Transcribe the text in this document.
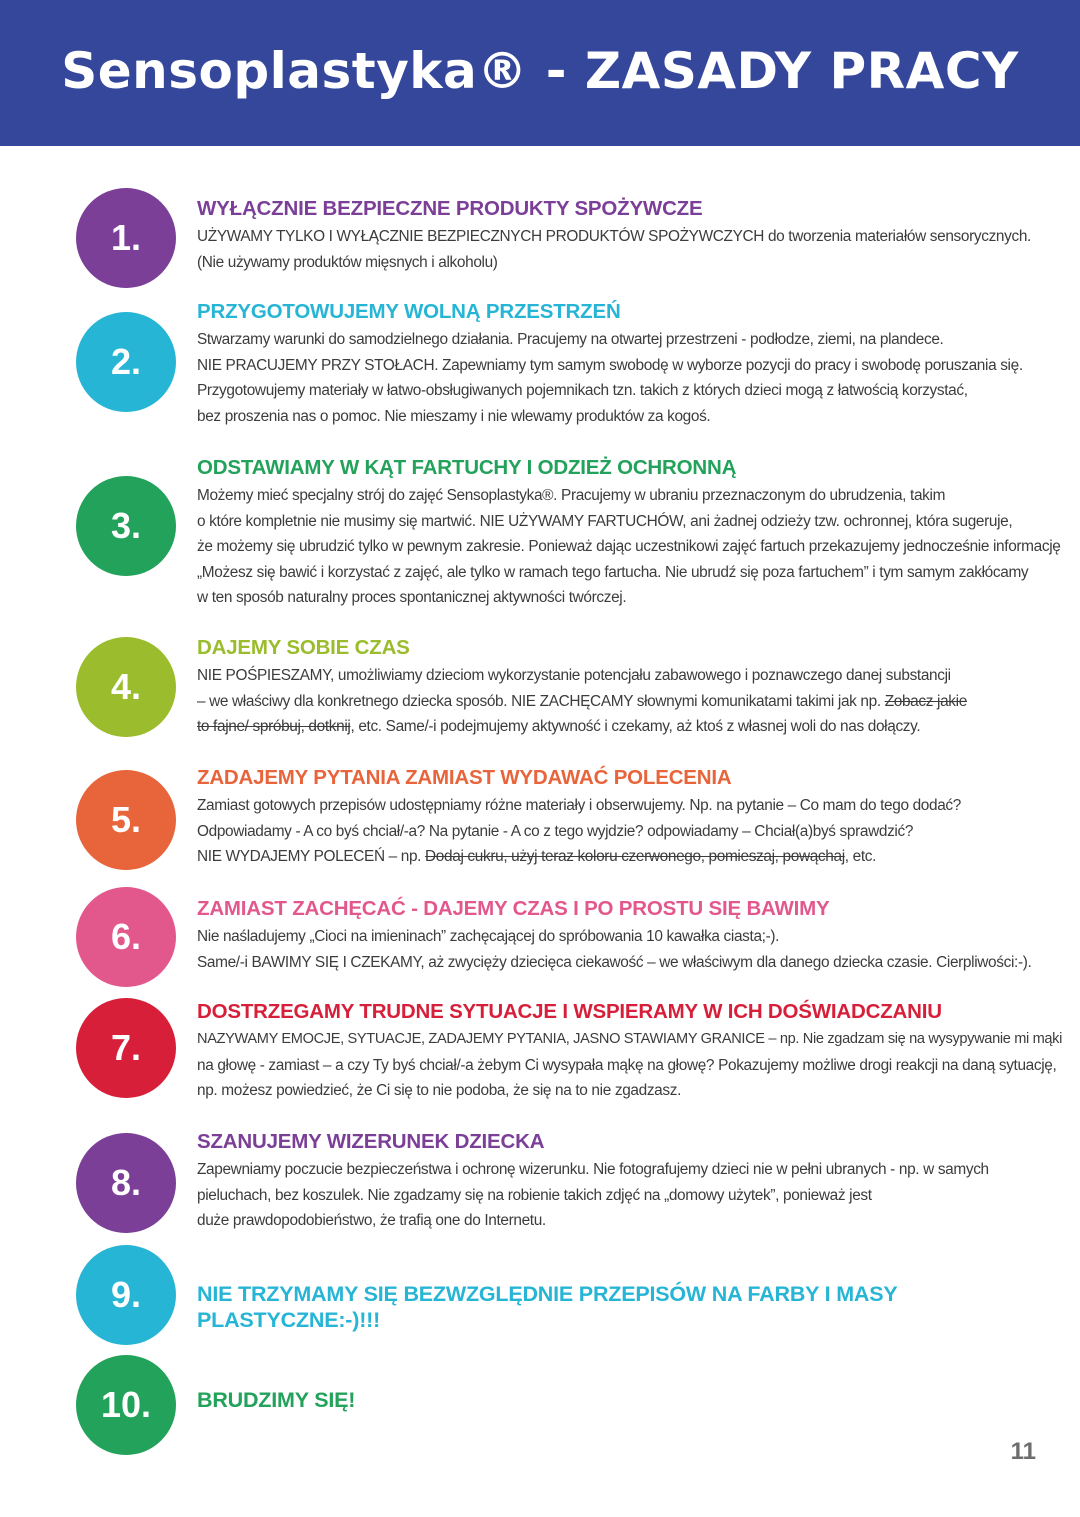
Sensoplastyka® - ZASADY PRACY
1.
WYŁĄCZNIE BEZPIECZNE PRODUKTY SPOŻYWCZE
UŻYWAMY TYLKO I WYŁĄCZNIE BEZPIECZNYCH PRODUKTÓW SPOŻYWCZYCH do tworzenia materiałów sensorycznych.
(Nie używamy produktów mięsnych i alkoholu)
2.
PRZYGOTOWUJEMY WOLNĄ PRZESTRZEŃ
Stwarzamy warunki do samodzielnego działania. Pracujemy na otwartej przestrzeni - podłodze, ziemi, na plandece.
NIE PRACUJEMY PRZY STOŁACH. Zapewniamy tym samym swobodę w wyborze pozycji do pracy i swobodę poruszania się.
Przygotowujemy materiały w łatwo-obsługiwanych pojemnikach tzn. takich z których dzieci mogą z łatwością korzystać,
bez proszenia nas o pomoc. Nie mieszamy i nie wlewamy produktów za kogoś.
3.
ODSTAWIAMY W KĄT FARTUCHY I ODZIEŻ OCHRONNĄ
Możemy mieć specjalny strój do zajęć Sensoplastyka®. Pracujemy w ubraniu przeznaczonym do ubrudzenia, takim
o które kompletnie nie musimy się martwić. NIE UŻYWAMY FARTUCHÓW, ani żadnej odzieży tzw. ochronnej, która sugeruje,
że możemy się ubrudzić tylko w pewnym zakresie. Ponieważ dając uczestnikowi zajęć fartuch przekazujemy jednocześnie informację
„Możesz się bawić i korzystać z zajęć, ale tylko w ramach tego fartucha. Nie ubrudź się poza fartuchem” i tym samym zakłócamy
w ten sposób naturalny proces spontanicznej aktywności twórczej.
4.
DAJEMY SOBIE CZAS
NIE POŚPIESZAMY, umożliwiamy dzieciom wykorzystanie potencjału zabawowego i poznawczego danej substancji
– we właściwy dla konkretnego dziecka sposób. NIE ZACHĘCAMY słownymi komunikatami takimi jak np. Zobacz jakie
to fajne/ spróbuj, dotknij, etc. Same/-i podejmujemy aktywność i czekamy, aż ktoś z własnej woli do nas dołączy.
5.
ZADAJEMY PYTANIA ZAMIAST WYDAWAĆ POLECENIA
Zamiast gotowych przepisów udostępniamy różne materiały i obserwujemy. Np. na pytanie – Co mam do tego dodać?
Odpowiadamy - A co byś chciał/-a? Na pytanie - A co z tego wyjdzie? odpowiadamy – Chciał(a)byś sprawdzić?
NIE WYDAJEMY POLECEŃ – np. Dodaj cukru, użyj teraz koloru czerwonego, pomieszaj, powąchaj, etc.
6.
ZAMIAST ZACHĘCAĆ - DAJEMY CZAS I PO PROSTU SIĘ BAWIMY
Nie naśladujemy „Cioci na imieninach” zachęcającej do spróbowania 10 kawałka ciasta;-).
Same/-i BAWIMY SIĘ I CZEKAMY, aż zwycięży dziecięca ciekawość – we właściwym dla danego dziecka czasie. Cierpliwości:-).
7.
DOSTRZEGAMY TRUDNE SYTUACJE I WSPIERAMY W ICH DOŚWIADCZANIU
NAZYWAMY EMOCJE, SYTUACJE, ZADAJEMY PYTANIA, JASNO STAWIAMY GRANICE – np. Nie zgadzam się na wysypywanie mi mąki
na głowę - zamiast – a czy Ty byś chciał/-a żebym Ci wysypała mąkę na głowę? Pokazujemy możliwe drogi reakcji na daną sytuację,
np. możesz powiedzieć, że Ci się to nie podoba, że się na to nie zgadzasz.
8.
SZANUJEMY WIZERUNEK DZIECKA
Zapewniamy poczucie bezpieczeństwa i ochronę wizerunku. Nie fotografujemy dzieci nie w pełni ubranych - np. w samych
pieluchach, bez koszulek. Nie zgadzamy się na robienie takich zdjęć na „domowy użytek”, ponieważ jest
duże prawdopodobieństwo, że trafią one do Internetu.
9.	NIE TRZYMAMY SIĘ BEZWZGLĘDNIE PRZEPISÓW NA FARBY I MASY PLASTYCZNE:-)!!!
10.	BRUDZIMY SIĘ!
11
